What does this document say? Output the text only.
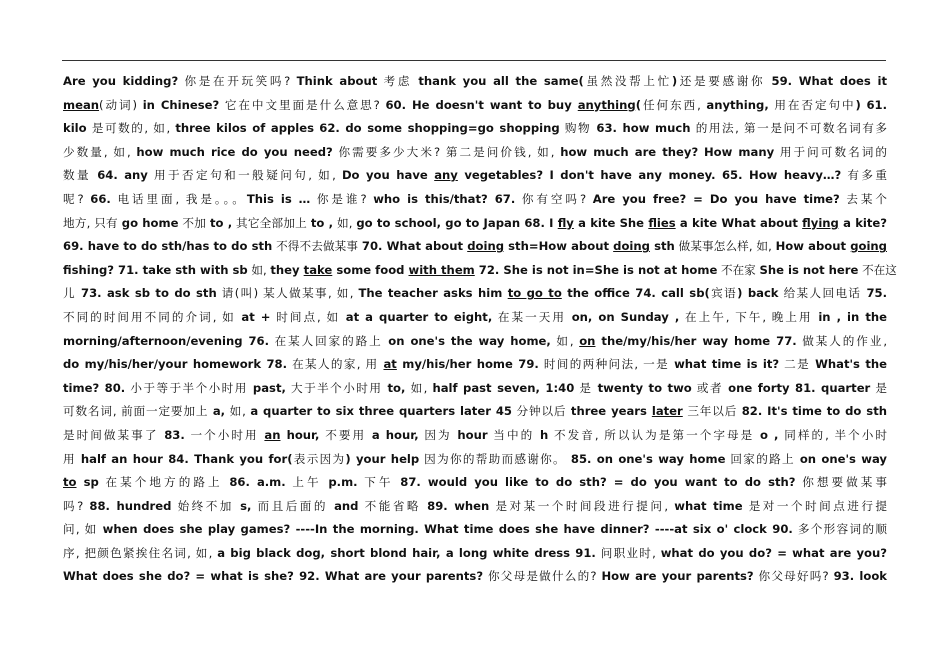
Are you kidding? 你是在开玩笑吗? Think about 考虑 thank you all the same(虽然没帮上忙)还是要感谢你 59. What does it
mean(动词) in Chinese? 它在中文里面是什么意思? 60. He doesn't want to buy anything(任何东西, anything, 用在否定句中) 61.
kilo 是可数的, 如, three kilos of apples 62. do some shopping=go shopping 购物 63. how much 的用法, 第一是问不可数名词有多
少数量, 如, how much rice do you need? 你需要多少大米? 第二是问价钱, 如, how much are they? How many 用于问可数名词的
数量 64. any 用于否定句和一般疑问句, 如, Do you have any vegetables? I don't have any money. 65. How heavy…? 有多重
呢? 66. 电话里面, 我是。。。This is … 你是谁? who is this/that? 67. 你有空吗? Are you free? = Do you have time? 去某个
地方, 只有 go home 不加 to , 其它全部加上 to , 如, go to school, go to Japan 68. I fly a kite She flies a kite What about flying a kite?
69. have to do sth/has to do sth 不得不去做某事 70. What about doing sth=How about doing sth 做某事怎么样, 如, How about going
fishing? 71. take sth with sb 如, they take some food with them 72. She is not in=She is not at home 不在家 She is not here 不在这
儿 73. ask sb to do sth 请(叫) 某人做某事, 如, The teacher asks him to go to the office 74. call sb(宾语) back 给某人回电话 75.
不同的时间用不同的介词, 如 at + 时间点, 如 at a quarter to eight, 在某一天用 on, on Sunday , 在上午, 下午, 晚上用 in , in the
morning/afternoon/evening 76. 在某人回家的路上 on one's the way home, 如, on the/my/his/her way home 77. 做某人的作业,
do my/his/her/your homework 78. 在某人的家, 用 at my/his/her home 79. 时间的两种问法, 一是 what time is it? 二是 What's the
time? 80. 小于等于半个小时用 past, 大于半个小时用 to, 如, half past seven, 1:40 是 twenty to two 或者 one forty 81. quarter 是
可数名词, 前面一定要加上 a, 如, a quarter to six three quarters later 45 分钟以后 three years later 三年以后 82. It's time to do sth
是时间做某事了 83. 一个小时用 an hour, 不要用 a hour, 因为 hour 当中的 h 不发音, 所以认为是第一个字母是 o , 同样的, 半个小时
用 half an hour 84. Thank you for(表示因为) your help 因为你的帮助而感谢你。 85. on one's way home 回家的路上 on one's way
to sp 在某个地方的路上 86. a.m. 上午 p.m. 下午 87. would you like to do sth? = do you want to do sth? 你想要做某事
吗? 88. hundred 始终不加 s, 而且后面的 and 不能省略 89. when 是对某一个时间段进行提问, what time 是对一个时间点进行提
问, 如 when does she play games? ----In the morning. What time does she have dinner? ----at six o' clock 90. 多个形容词的顺
序, 把颜色紧挨住名词, 如, a big black dog, short blond hair, a long white dress 91. 问职业时, what do you do? = what are you?
What does she do? = what is she? 92. What are your parents? 你父母是做什么的? How are your parents? 你父母好吗? 93. look
